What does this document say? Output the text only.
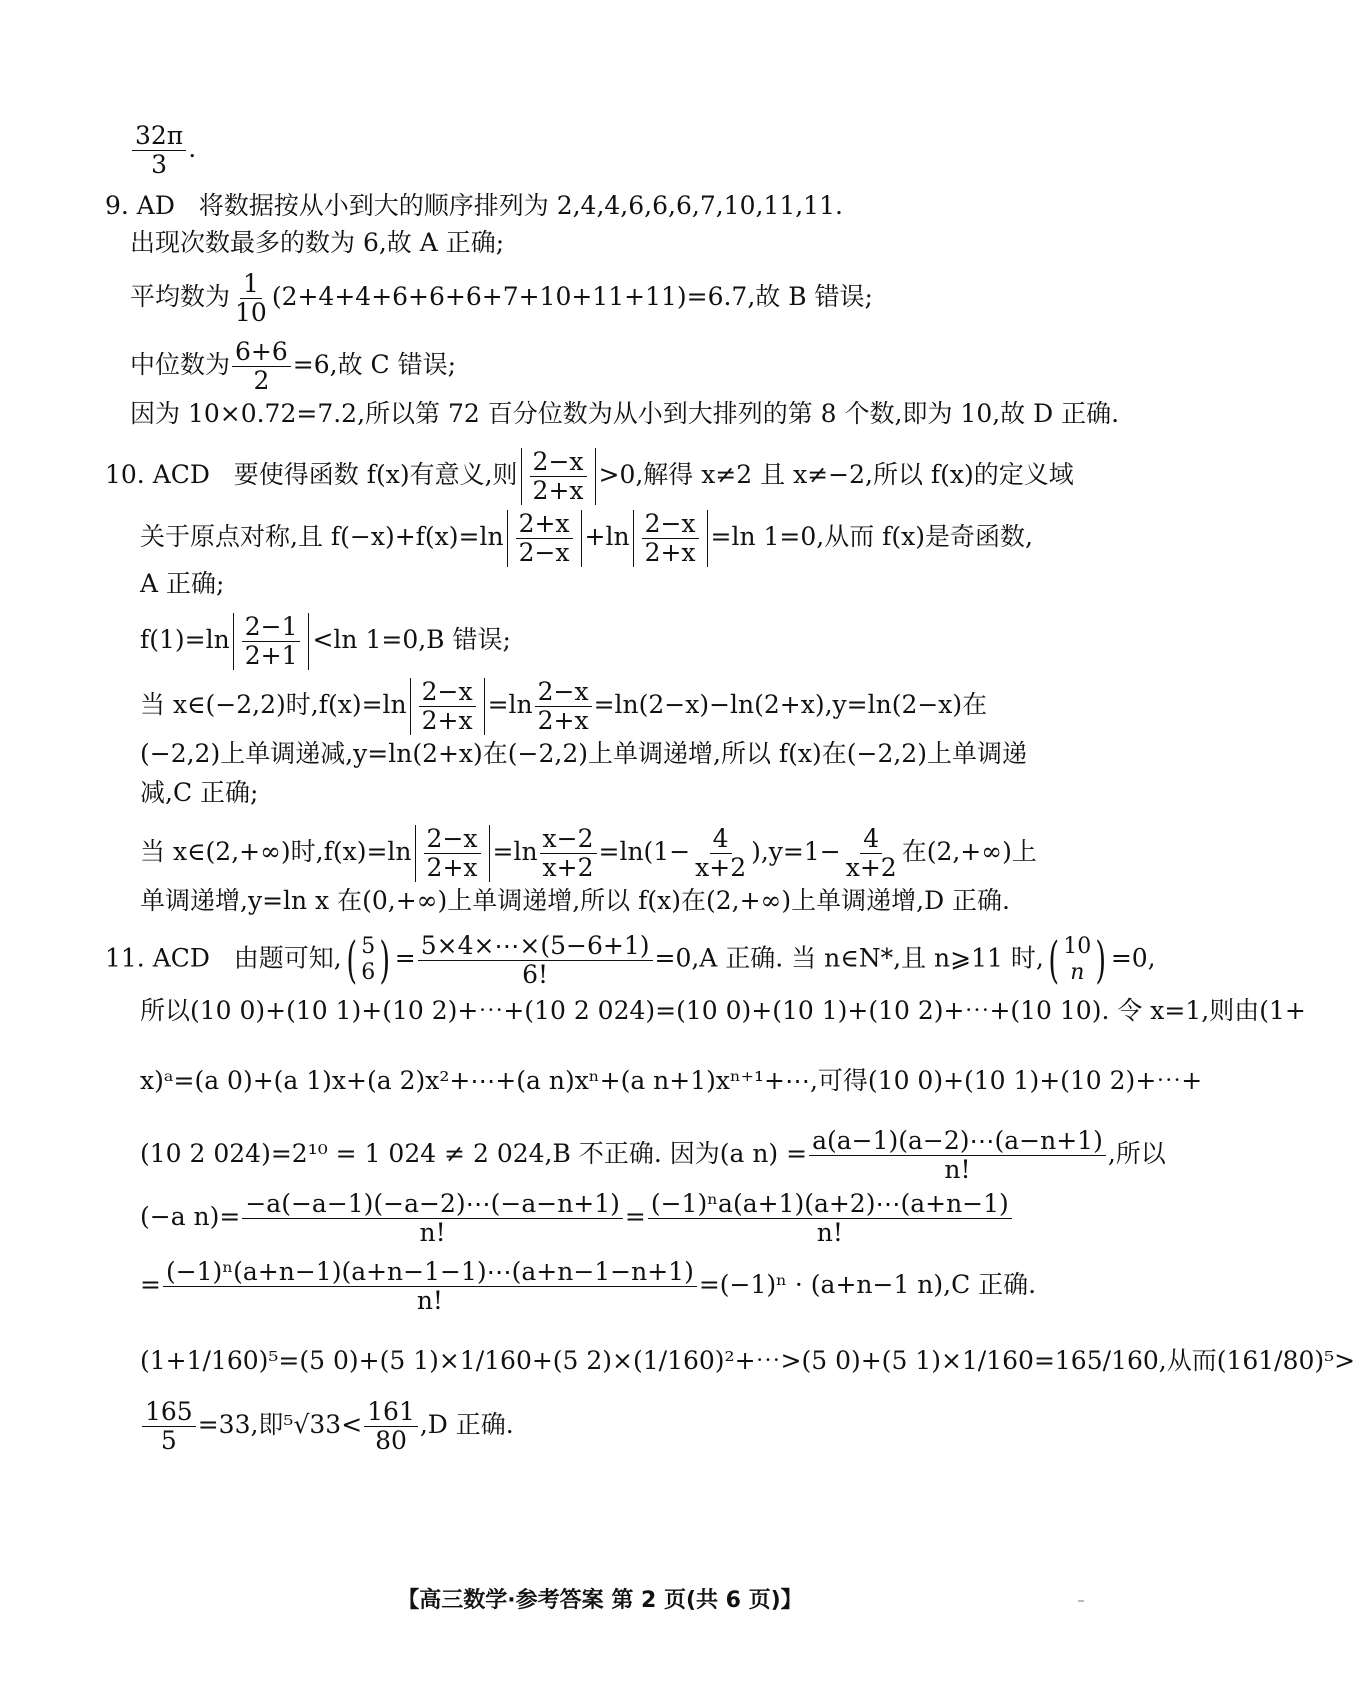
$\frac{32\pi}{3}$ .
9. AD 将数据按从小到大的顺序排列为 2,4,4,6,6,6,7,10,11,11.
出现次数最多的数为 6,故 A 正确;
平均数为 $\frac{1}{10} (2+4+4+6+6+6+7+10+11+11)=6.7$,故 B 错误;
中位数为 $\frac{6+6}{2} =6$,故 C 错误;
因为 10×0.72=7.2,所以第 72 百分位数为从小到大排列的第 8 个数,即为 10,故 D 正确.
10. ACD 要使得函数 f(x)有意义,则 $\frac{2-x}{2+x} >0$,解得 x≠2 且 x≠−2,所以 f(x)的定义域
关于原点对称,且 $f(-x)+f(x)=\ln \frac{2+x}{2-x} +\ln \frac{2-x}{2+x} =\ln$ 1=0,从而 f(x)是奇函数,
A 正确;
$f(1)=\ln \frac{2-1}{2+1} <\ln$ 1=0,B 错误;
当 x∈(−2,2)时$,f(x)=\ln \frac{2-x}{2+x} =\ln \frac{2-x}{2+x} =\ln(2-x)-\ln(2+x),y=\ln(2-x)$在
(−2,2)上单调递减,y=ln(2+x)在(−2,2)上单调递增,所以 f(x)在(−2,2)上单调递
减,C 正确;
当 x∈(2,+∞)时$,f(x)=\ln \frac{2-x}{2+x} =\ln \frac{x-2}{x+2} =\ln(1- \frac{4}{x+2} ),y=1- \frac{4}{x+2}$ 在(2,+∞)上
单调递增,y=ln x 在(0,+∞)上单调递增,所以 f(x)在(2,+∞)上单调递增,D 正确.
11. ACD 由题可知, ( 5
6 ) = $\frac{5\times 4\times\cdots\times(5-6+1)}{6!} =0,A$ 正确. 当 n∈N*,且 n⩾11 时, ( 10
n ) =0,
所以(10 0)+(10 1)+(10 2)+⋯+(10 2 024)=(10 0)+(10 1)+(10 2)+⋯+(10 10). 令 x=1,则由(1+
x)ᵃ=(a 0)+(a 1)x+(a 2)x²+⋯+(a n)xⁿ+(a n+1)xⁿ⁺¹+⋯,可得(10 0)+(10 1)+(10 2)+⋯+
(10 2 024)=2¹⁰ = 1 024 ≠ 2 024,B 不正确. 因为(a $n) = \frac{a(a-1)(a-2)\cdots(a-n+1)}{n!}$ ,所以
(−a $n)= \frac{-a(-a-1)(-a-2)\cdots(-a-n+1)}{n!} = \frac{\text{(−1)ⁿa(a+1)(a+2)⋯(a+n−1)}}{n!}$
= $\frac{\text{(−1)ⁿ(a+n−1)(a+n−1−1)⋯(a+n−1−n+1)}}{n!} =(-1)^n \cdot (a+n-1$ n),C 正确.
(1+1/160)⁵=(5 0)+(5 1)×1/160+(5 2)×(1/160)²+⋯>(5 0)+(5 1)×1/160=165/160,从而(161/80)⁵>
$\frac{165}{5} =33$,即$^5√33< \frac{161}{80} ,D$ 正确.
【高三数学·参考答案 第 2 页(共 6 页)】
